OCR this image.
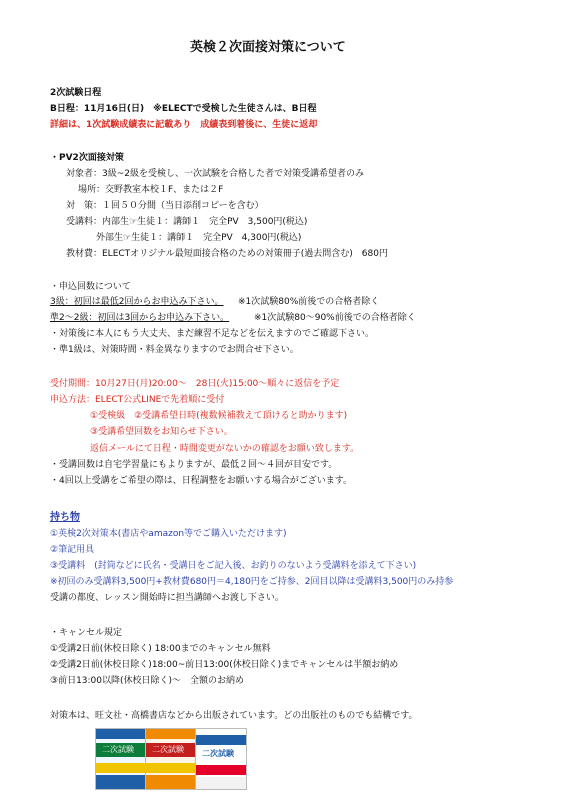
英検２次面接対策について
2次試験日程
B日程：11月16日(日)　※ELECTで受検した生徒さんは、B日程
詳細は、1次試験成績表に記載あり　成績表到着後に、生徒に返却
・PV2次面接対策
対象者：3級~2級を受検し、一次試験を合格した者で対策受講希望者のみ
場所：交野教室本校１F、または２F
対　策：１回５０分間（当日添削コピーを含む）
受講料：内部生☞生徒１：講師１　完全PV　3,500円(税込)
外部生☞生徒１：講師１　完全PV　4,300円(税込)
教材費：ELECTオリジナル最短面接合格のための対策冊子(過去問含む)　680円
・申込回数について
3級：初回は最低2回からお申込み下さい。 ※1次試験80%前後での合格者除く
準2～2級：初回は3回からお申込み下さい。	※1次試験80～90%前後での合格者除く
・対策後に本人にもう大丈夫、まだ練習不足などを伝えますのでご確認下さい。
・準1級は、対策時間・料金異なりますのでお問合せ下さい。
受付期間：10月27日(月)20:00～　28日(火)15:00～順々に返信を予定
申込方法：ELECT公式LINEで先着順に受付
①受検級　②受講希望日時(複数候補教えて頂けると助かります)
③受講希望回数をお知らせ下さい。
返信メールにて日程・時間変更がないかの確認をお願い致します。
・受講回数は自宅学習量にもよりますが、最低２回～４回が目安です。
・4回以上受講をご希望の際は、日程調整をお願いする場合がございます。
持ち物
①英検2次対策本(書店やamazon等でご購入いただけます)
②筆記用具
③受講料　(封筒などに氏名・受講日をご記入後、お釣りのないよう受講料を添えて下さい)
※初回のみ受講料3,500円+教材費680円＝4,180円をご持参、2回目以降は受講料3,500円のみ持参
受講の都度、レッスン開始時に担当講師へお渡し下さい。
・キャンセル規定
①受講2日前(休校日除く) 18:00までのキャンセル無料
②受講2日前(休校日除く)18:00~前日13:00(休校日除く)までキャンセルは半額お納め
③前日13:00以降(休校日除く)～　全額のお納め
対策本は、旺文社・高橋書店などから出版されています。どの出版社のものでも結構です。
二次試験 二次試験 二次試験
